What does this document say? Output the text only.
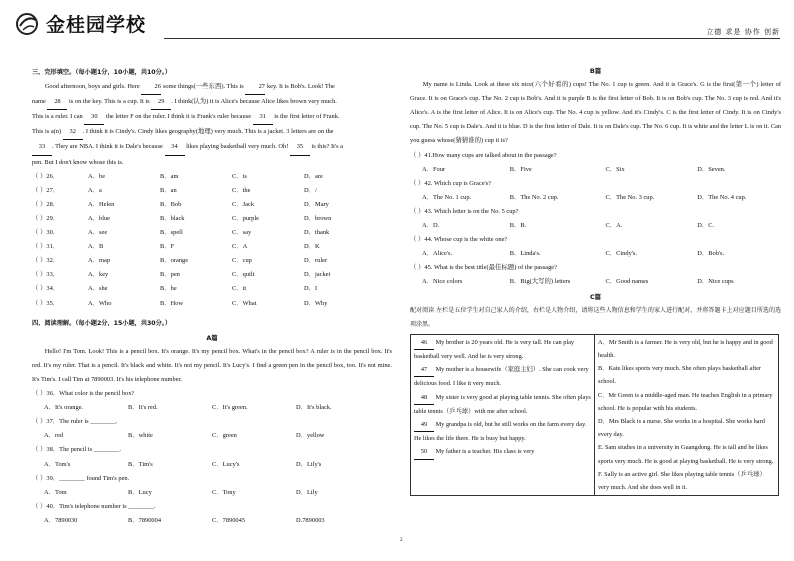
金桂园学校	立德 求是 协作 创新
三、完形填空。（每小题1分，10小题，共10分。）
Good afternoon, boys and girls. Here 26 some things(一些东西). This is 27 key. It is Bob's. Look! The
name 28 is on the key. This is a cup. It is 29 . I think(认为) it is Alice's because Alice likes brown very much.
This is a ruler. I can 30 the letter F on the ruler. I think it is Frank's ruler because 31 is the first letter of Frank.
This is a(n) 32 . I think it is Cindy's. Cindy likes geography(地理) very much. This is a jacket. 3 letters are on the
33 . They are NBA. I think it is Dale's because 34 likes playing basketball very much. Oh! 35 is this? It's a
pen. But I don't know whose this is.
（ ）26．	A．be	B．am	C．is	D．are
（ ）27．	A．a	B．an	C．the	D．/
（ ）28．	A．Helen	B．Bob	C．Jack	D．Mary
（ ）29．	A．blue	B．black	C．purple	D．brown
（ ）30．	A．see	B．spell	C．say	D．thank
（ ）31．	A．B	B．F	C．A	D．K
（ ）32．	A．map	B．orange	C．cup	D．ruler
（ ）33．	A．key	B．pen	C．quilt	D．jacket
（ ）34．	A．she	B．he	C．it	D．I
（ ）35．	A．Who	B．How	C．What	D．Why
四、阅读理解。（每小题2分，15小题，共30分。）
A篇
Hello! I'm Tom. Look! This is a pencil box. It's orange. It's my pencil box. What's in the pencil box? A ruler is in the pencil box. It's red. It's my ruler. That is a pencil. It's black and white. It's not my pencil. It's Lucy's. I find a green pen in the pencil box, too. It's not mine. It's Tim's. I call Tim at 7890003. It's his telephone number.
（ ）36．What color is the pencil box?
A．It's orange.	B．It's red.	C．It's green.	D．It's black.
（ ）37．The ruler is ________.
A．red	B．white	C．green	D．yellow
（ ）38．The pencil is ________.
A．Tom's	B．Tim's	C．Lucy's	D．Lily's
（ ）39．________ found Tim's pen.
A．Tom	B．Lucy	C．Tony	D．Lily
（ ）40．Tim's telephone number is ________.
A．7890030	B．7890004	C．7890045	D.7890003
B篇
My name is Linda. Look at these six nice(六个好看的) cups! The No. 1 cup is green. And it is Grace's. G is the first(第一个) letter of Grace. It is on Grace's cup. The No. 2 cup is Bob's. And it is purple B is the first letter of Bob. It is on Bob's cup. The No. 3 cup is red. And it's Alice's. A is the first letter of Alice. It is on Alice's cup. The No. 4 cup is yellow. And it's Cindy's. C is the first letter of Cindy. It is on Cindy's cup. The No. 5 cup is Dale's. And it is blue. D is the first letter of Dale. It is on Dale's cup. The No. 6 cup. It is white and the letter L is on it. Can you guess whose(猜猜谁的) cup it is?
（ ）41.How many cups are talked about in the passage?
A．Four	B．Five	C．Six	D．Seven.
（ ）42. Which cup is Grace's?
A．The No. 1 cup.	B．The No. 2 cup.	C．The No. 3 cup.	D．The No. 4 cup.
（ ）43. Which letter is on the No. 5 cup?
A．D.	B．B.	C．A.	D．C.
（ ）44. Whose cup is the white one?
A．Alice's.	B．Linda's.	C．Cindy's.	D．Bob's.
（ ）45. What is the best title(最佳标题) of the passage?
A．Nice colors	B．Big(大写的) letters	C．Good names	D．Nice cups
C篇
配对阅读 左栏是五位学生对自己家人的介绍，右栏是人物介绍，请将这些人物信息和学生的家人进行配对，并将答题卡上对应题目所选的选项涂黑。
46 My brother is 20 years old. He is very tall. He can play basketball very well. And he is very strong.
47 My mother is a housewife（家庭主妇）. She can cook very delicious food. I like it very much.
48 My sister is very good at playing table tennis. She often plays table tennis（乒乓球）with me after school.
49 My grandpa is old, but he still works on the farm every day. He likes the life there. He is busy but happy.
50 My father is a teacher. His class is very

A．Mr Smith is a farmer. He is very old, but he is happy and in good health.
B．Kate likes sports very much. She often plays basketball after school.
C．Mr Green is a middle-aged man. He teaches English in a primary school. He is popular with his students.
D．Mrs Black is a nurse. She works in a hospital. She works hard every day.
E. Sam studies in a university in Guangdong. He is tall and he likes sports very much. He is good at playing basketball. He is very strong.
F. Sally is an active girl. She likes playing table tennis（乒乓球）very much. And she does well in it.
2
